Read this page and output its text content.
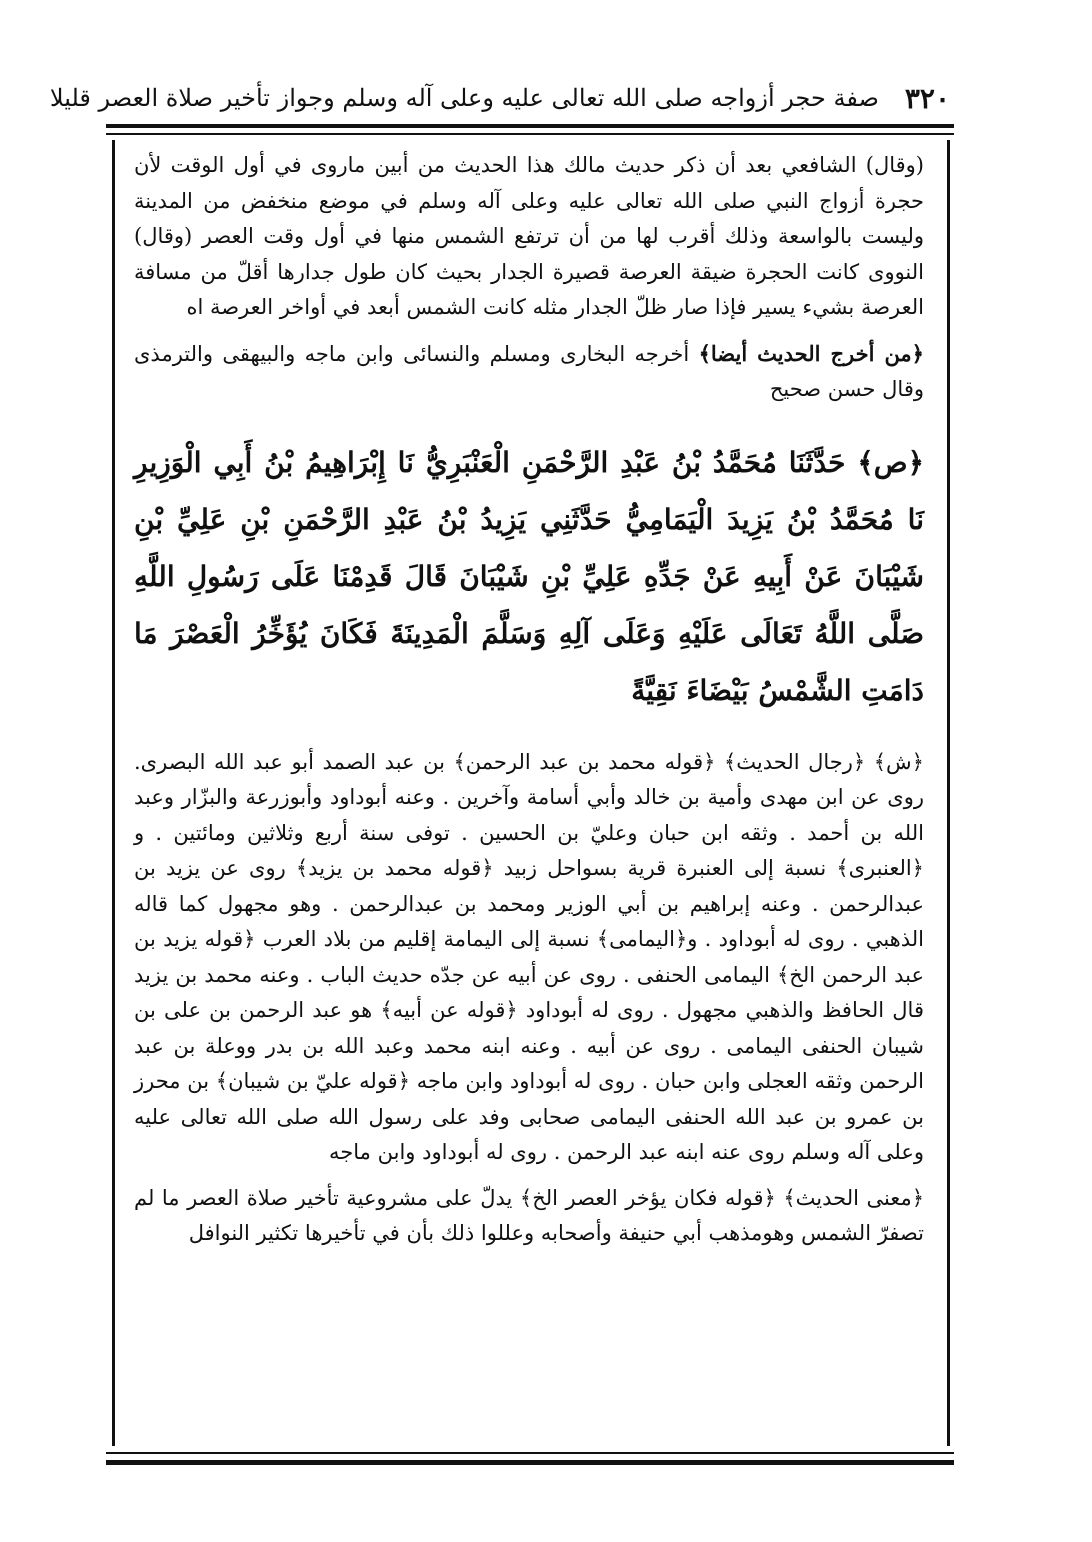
٣٢٠
صفة حجر أزواجه صلى الله تعالى عليه وعلى آله وسلم وجواز تأخير صلاة العصر قليلا

(وقال) الشافعي بعد أن ذكر حديث مالك هذا الحديث من أبين ماروى في أول الوقت لأن حجرة أزواج النبي صلى الله تعالى عليه وعلى آله وسلم في موضع منخفض من المدينة وليست بالواسعة وذلك أقرب لها من أن ترتفع الشمس منها في أول وقت العصر (وقال) النووى كانت الحجرة ضيقة العرصة قصيرة الجدار بحيث كان طول جدارها أقلّ من مسافة العرصة بشيء يسير فإذا صار ظلّ الجدار مثله كانت الشمس أبعد في أواخر العرصة اه

﴿من أخرج الحديث أيضا﴾ أخرجه البخارى ومسلم والنسائى وابن ماجه والبيهقى والترمذى وقال حسن صحيح

﴿ص﴾ حَدَّثَنَا مُحَمَّدُ بْنُ عَبْدِ الرَّحْمَنِ الْعَنْبَرِيُّ نَا إِبْرَاهِيمُ بْنُ أَبِي الْوَزِيرِ نَا مُحَمَّدُ بْنُ يَزِيدَ الْيَمَامِيُّ حَدَّثَنِي يَزِيدُ بْنُ عَبْدِ الرَّحْمَنِ بْنِ عَلِيِّ بْنِ شَيْبَانَ عَنْ أَبِيهِ عَنْ جَدِّهِ عَلِيِّ بْنِ شَيْبَانَ قَالَ قَدِمْنَا عَلَى رَسُولِ اللَّهِ صَلَّى اللَّهُ تَعَالَى عَلَيْهِ وَعَلَى آلِهِ وَسَلَّمَ الْمَدِينَةَ فَكَانَ يُؤَخِّرُ الْعَصْرَ مَا دَامَتِ الشَّمْسُ بَيْضَاءَ نَقِيَّةً

﴿ش﴾ ﴿رجال الحديث﴾ ﴿قوله محمد بن عبد الرحمن﴾ بن عبد الصمد أبو عبد الله البصرى. روى عن ابن مهدى وأمية بن خالد وأبي أسامة وآخرين . وعنه أبوداود وأبوزرعة والبزّار وعبد الله بن أحمد . وثقه ابن حبان وعليّ بن الحسين . توفى سنة أربع وثلاثين ومائتين . و ﴿العنبرى﴾ نسبة إلى العنبرة قرية بسواحل زبيد ﴿قوله محمد بن يزيد﴾ روى عن يزيد بن عبدالرحمن . وعنه إبراهيم بن أبي الوزير ومحمد بن عبدالرحمن . وهو مجهول كما قاله الذهبي . روى له أبوداود . و﴿اليمامى﴾ نسبة إلى اليمامة إقليم من بلاد العرب ﴿قوله يزيد بن عبد الرحمن الخ﴾ اليمامى الحنفى . روى عن أبيه عن جدّه حديث الباب . وعنه محمد بن يزيد قال الحافظ والذهبي مجهول . روى له أبوداود ﴿قوله عن أبيه﴾ هو عبد الرحمن بن على بن شيبان الحنفى اليمامى . روى عن أبيه . وعنه ابنه محمد وعبد الله بن بدر ووعلة بن عبد الرحمن وثقه العجلى وابن حبان . روى له أبوداود وابن ماجه ﴿قوله عليّ بن شيبان﴾ بن محرز بن عمرو بن عبد الله الحنفى اليمامى صحابى وفد على رسول الله صلى الله تعالى عليه وعلى آله وسلم روى عنه ابنه عبد الرحمن . روى له أبوداود وابن ماجه

﴿معنى الحديث﴾ ﴿قوله فكان يؤخر العصر الخ﴾ يدلّ على مشروعية تأخير صلاة العصر ما لم تصفرّ الشمس وهومذهب أبي حنيفة وأصحابه وعللوا ذلك بأن في تأخيرها تكثير النوافل
